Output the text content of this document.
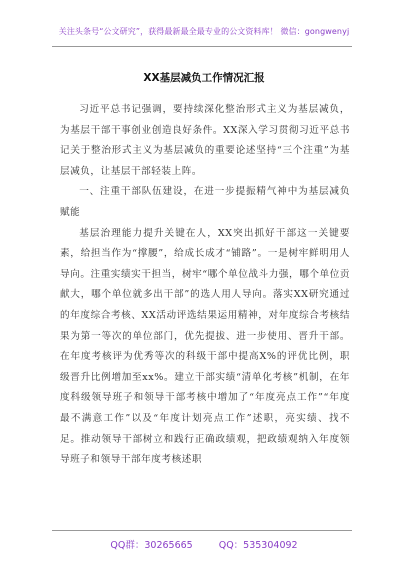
关注头条号“公文研究”，获得最新最全最专业的公文资料库！ 微信：gongwenyj
XX基层减负工作情况汇报

习近平总书记强调，要持续深化整治形式主义为基层减负，为基层干部干事创业创造良好条件。XX深入学习贯彻习近平总书记关于整治形式主义为基层减负的重要论述坚持“三个注重”为基层减负，让基层干部轻装上阵。

一、注重干部队伍建设，在进一步提振精气神中为基层减负赋能

基层治理能力提升关键在人，XX突出抓好干部这一关键要素，给担当作为“撑腰”，给成长成才“铺路”。一是树牢鲜明用人导向。注重实绩实干担当，树牢“哪个单位战斗力强，哪个单位贡献大，哪个单位就多出干部”的选人用人导向。落实XX研究通过的年度综合考核、XX活动评选结果运用精神，对年度综合考核结果为第一等次的单位部门，优先提拔、进一步使用、晋升干部。在年度考核评为优秀等次的科级干部中提高X%的评优比例，职级晋升比例增加至xx%。建立干部实绩“清单化考核”机制，在年度科级领导班子和领导干部考核中增加了“年度亮点工作”“年度最不满意工作”以及“年度计划亮点工作”述职，亮实绩、找不足。推动领导干部树立和践行正确政绩观，把政绩观纳入年度领导班子和领导干部年度考核述职

QQ群：30265665	QQ：535304092
